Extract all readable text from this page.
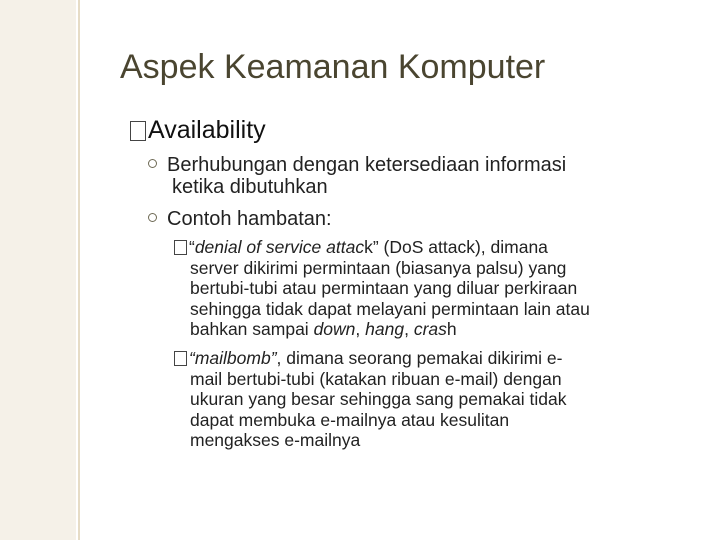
Aspek Keamanan Komputer
Availability
Berhubungan dengan ketersediaan informasi
ketika dibutuhkan
Contoh hambatan:
“denial of service attack” (DoS attack), dimana
server dikirimi permintaan (biasanya palsu) yang
bertubi-tubi atau permintaan yang diluar perkiraan
sehingga tidak dapat melayani permintaan lain atau
bahkan sampai down, hang, crash
“mailbomb”, dimana seorang pemakai dikirimi e-
mail bertubi-tubi (katakan ribuan e-mail) dengan
ukuran yang besar sehingga sang pemakai tidak
dapat membuka e-mailnya atau kesulitan
mengakses e-mailnya
